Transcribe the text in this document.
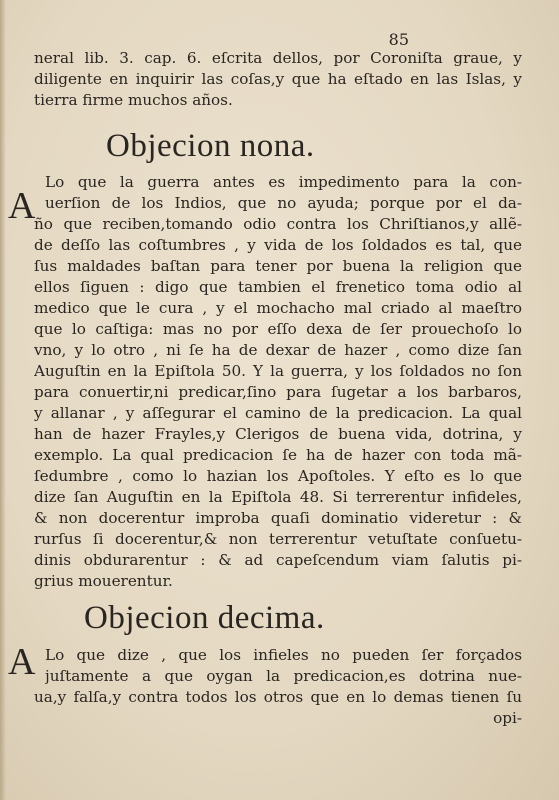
85

neral lib. 3. cap. 6. eſcrita dellos, por Coroniſta graue, y

diligente en inquirir las coſas,y que ha eſtado en las Islas, y

tierra firme muchos años.

Objecion nona.
A

Lo que la guerra antes es impedimento para la con-

uerſion de los Indios, que no ayuda; porque por el da-

ño que reciben,tomando odio contra los Chriſtianos,y allẽ-

de deſſo las coſtumbres , y vida de los ſoldados es tal, que

ſus maldades baſtan para tener por buena la religion que

ellos ſiguen : digo que tambien el frenetico toma odio al

medico que le cura , y el mochacho mal criado al maeſtro

que lo caſtiga: mas no por eſſo dexa de ſer prouechoſo lo

vno, y lo otro , ni ſe ha de dexar de hazer , como dize ſan

Auguſtin en la Epiſtola 50. Y la guerra, y los ſoldados no ſon

para conuertir,ni predicar,ſino para ſugetar a los barbaros,

y allanar , y aſſegurar el camino de la predicacion. La qual

han de hazer Frayles,y Clerigos de buena vida, dotrina, y

exemplo. La qual predicacion ſe ha de hazer con toda mã-

ſedumbre , como lo hazian los Apoſtoles. Y eſto es lo que

dize ſan Auguſtin en la Epiſtola 48. Si terrerentur infideles,

& non docerentur improba quaſi dominatio videretur : &

rurſus ſi docerentur,& non terrerentur vetuſtate conſuetu-

dinis obdurarentur : & ad capeſcendum viam ſalutis pi-

grius mouerentur.

Objecion decima.
A Lo que dize , que los infieles no pueden ſer forçados

juſtamente a que oygan la predicacion,es dotrina nue-

ua,y falſa,y contra todos los otros que en lo demas tienen ſu

opi-
